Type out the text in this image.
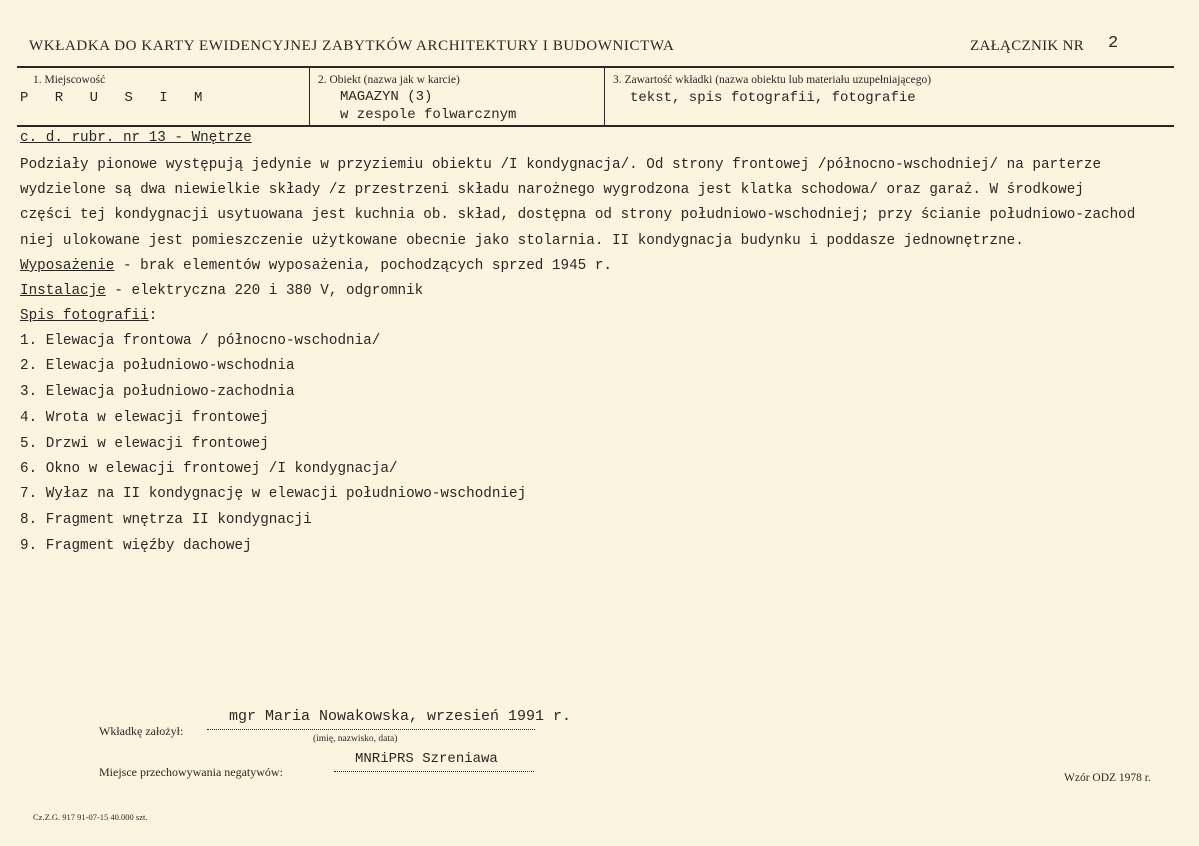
WKŁADKA DO KARTY EWIDENCYJNEJ ZABYTKÓW ARCHITEKTURY I BUDOWNICTWA	ZAŁĄCZNIK NR 2
1. Miejscowość
P R U S I M
2. Obiekt (nazwa jak w karcie)
MAGAZYN (3)
w zespole folwarcznym
3. Zawartość wkładki (nazwa obiektu lub materiału uzupełniającego)
tekst, spis fotografii, fotografie
c. d. rubr. nr 13 - Wnętrze
Podziały pionowe występują jedynie w przyziemiu obiektu /I kondygnacja/. Od strony frontowej /północno-wschodniej/ na parterze
wydzielone są dwa niewielkie składy /z przestrzeni składu narożnego wygrodzona jest klatka schodowa/ oraz garaż. W środkowej
części tej kondygnacji usytuowana jest kuchnia ob. skład, dostępna od strony południowo-wschodniej; przy ścianie południowo-zachod
niej ulokowane jest pomieszczenie użytkowane obecnie jako stolarnia. II kondygnacja budynku i poddasze jednownętrzne.
Wyposażenie - brak elementów wyposażenia, pochodzących sprzed 1945 r.
Instalacje - elektryczna 220 i 380 V, odgromnik
Spis fotografii:
1. Elewacja frontowa / północno-wschodnia/
2. Elewacja południowo-wschodnia
3. Elewacja południowo-zachodnia
4. Wrota w elewacji frontowej
5. Drzwi w elewacji frontowej
6. Okno w elewacji frontowej /I kondygnacja/
7. Wyłaz na II kondygnację w elewacji południowo-wschodniej
8. Fragment wnętrza II kondygnacji
9. Fragment więźby dachowej
Wkładkę założył:
mgr Maria Nowakowska, wrzesień 1991 r.
(imię, nazwisko, data)
Miejsce przechowywania negatywów:
MNRiPRS Szreniawa
Wzór ODZ 1978 r.
Cz.Z.G. 917 91-07-15 40.000 szt.
